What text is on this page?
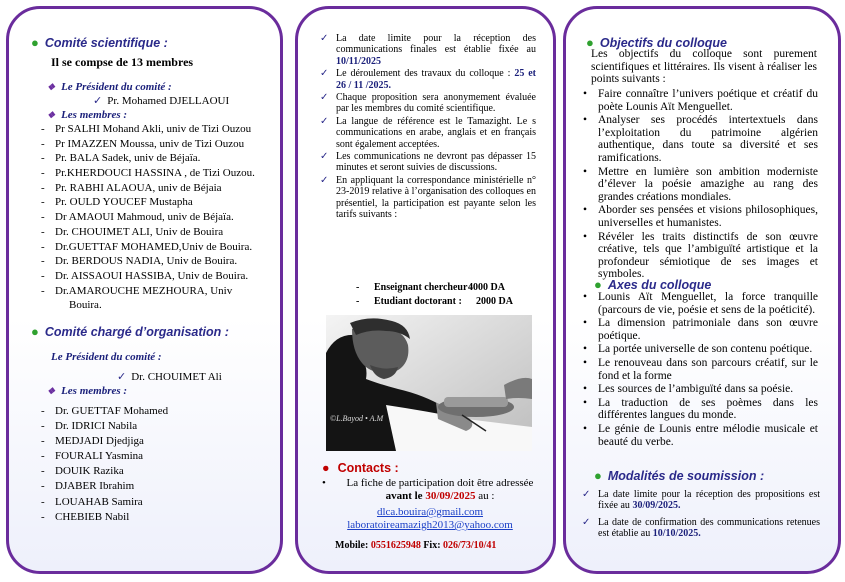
● Comité scientifique :
Il se compse de 13 membres
❖ Le Président du comité :
✓ Pr. Mohamed DJELLAOUI
❖ Les membres :
- Pr SALHI Mohand Akli, univ de Tizi Ouzou
- Pr IMAZZEN Moussa, univ de Tizi Ouzou
- Pr. BALA Sadek, univ de Béjaïa.
- Pr.KHERDOUCI HASSINA , de Tizi Ouzou.
- Pr. RABHI ALAOUA, univ de Béjaia
- Pr. OULD YOUCEF Mustapha
- Dr AMAOUI Mahmoud, univ de Béjaïa.
- Dr. CHOUIMET ALI, Univ de Bouira
- Dr.GUETTAF MOHAMED,Univ de Bouira.
- Dr. BERDOUS NADIA, Univ de Bouira.
- Dr. AISSAOUI HASSIBA, Univ de Bouira.
- Dr.AMAROUCHE MEZHOURA, Univ
Bouira.
● Comité chargé d’organisation :
Le Président du comité :
✓ Dr. CHOUIMET Ali
❖ Les membres :
- Dr. GUETTAF Mohamed
- Dr. IDRICI Nabila
- MEDJADI Djedjiga
- FOURALI Yasmina
- DOUIK Razika
- DJABER Ibrahim
- LOUAHAB Samira
- CHEBIEB Nabil
✓ La date limite pour la réception des communications finales est établie fixée au 10/11/2025
✓ Le déroulement des travaux du colloque : 25 et 26 / 11 /2025.
✓ Chaque proposition sera anonymement évaluée par les membres du comité scientifique.
✓ La langue de référence est le Tamazight. Le s communications en arabe, anglais et en français sont également acceptées.
✓ Les communications ne devront pas dépasser 15 minutes et seront suivies de discussions.
✓ En appliquant la correspondance ministérielle n° 23-2019 relative à l’organisation des colloques en présentiel, la participation est payante selon les tarifs suivants :
- Enseignant chercheur :
4000 DA
- Etudiant doctorant : 2000 DA
©L.Bayod • A.M
● Contacts :
•	La fiche de participation doit être adressée avant le 30/09/2025 au :
dlca.bouira@gmail.com
laboratoireamazigh2013@yahoo.com
Mobile: 0551625948 Fix: 026/73/10/41
● Objectifs du colloque
Les objectifs du colloque sont purement scientifiques et littéraires. Ils visent à réaliser les points suivants :
• Faire connaître l’univers poétique et créatif du poète Lounis Aït Menguellet.
• Analyser ses procédés intertextuels dans l’exploitation du patrimoine algérien authentique, dans toute sa diversité et ses ramifications.
• Mettre en lumière son ambition moderniste d’élever la poésie amazighe au rang des grandes créations mondiales.
• Aborder ses pensées et visions philosophiques, universelles et humanistes.
• Révéler les traits distinctifs de son œuvre créative, tels que l’ambiguïté artistique et la profondeur sémiotique de ses images et symboles.
● Axes du colloque
• Lounis Aït Menguellet, la force tranquille (parcours de vie, poésie et sens de la poéticité).
• La dimension patrimoniale dans son œuvre poétique.
• La portée universelle de son contenu poétique.
• Le renouveau dans son parcours créatif, sur le fond et la forme
• Les sources de l’ambiguïté dans sa poésie.
• La traduction de ses poèmes dans les différentes langues du monde.
• Le génie de Lounis entre mélodie musicale et beauté du verbe.
● Modalités de soumission :
✓ La date limite pour la réception des propositions est fixée au 30/09/2025.
✓ La date de confirmation des communications retenues est établie au 10/10/2025.
